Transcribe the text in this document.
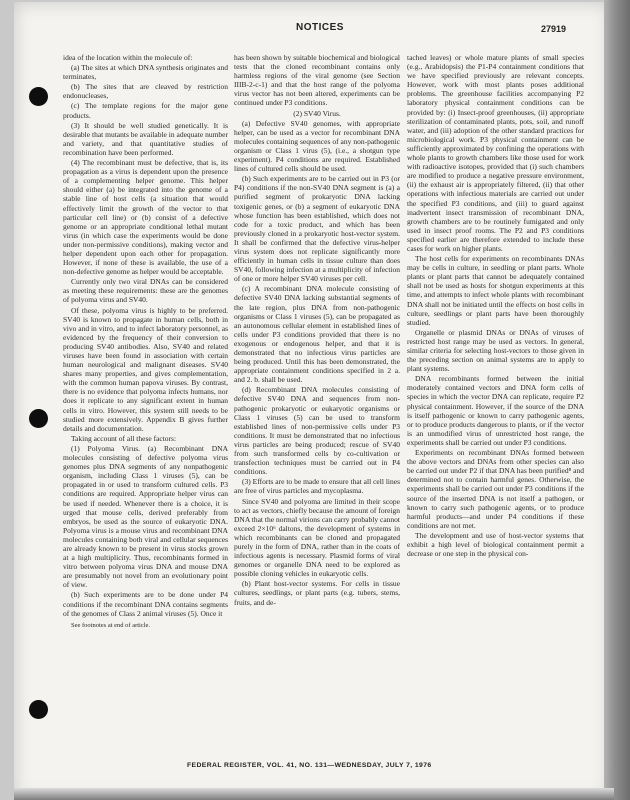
NOTICES	27919

idea of the location within the molecule of:

(a) The sites at which DNA synthesis originates and terminates,

(b) The sites that are cleaved by restriction endonucleases,

(c) The template regions for the major gene products.

(3) It should be well studied genetically. It is desirable that mutants be available in adequate number and variety, and that quantitative studies of recombination have been performed.

(4) The recombinant must be defective, that is, its propagation as a virus is dependent upon the presence of a complementing helper genome. This helper should either (a) be integrated into the genome of a stable line of host cells (a situation that would effectively limit the growth of the vector to that particular cell line) or (b) consist of a defective genome or an appropriate conditional lethal mutant virus (in which case the experiments would be done under non-permissive conditions), making vector and helper dependent upon each other for propagation. However, if none of these is available, the use of a non-defective genome as helper would be acceptable.

Currently only two viral DNAs can be considered as meeting these requirements: these are the genomes of polyoma virus and SV40.

Of these, polyoma virus is highly to be preferred. SV40 is known to propagate in human cells, both in vivo and in vitro, and to infect laboratory personnel, as evidenced by the frequency of their conversion to producing SV40 antibodies. Also, SV40 and related viruses have been found in association with certain human neurological and malignant diseases. SV40 shares many properties, and gives complementation, with the common human papova viruses. By contrast, there is no evidence that polyoma infects humans, nor does it replicate to any significant extent in human cells in vitro. However, this system still needs to be studied more extensively. Appendix B gives further details and documentation.

Taking account of all these factors:

(1) Polyoma Virus. (a) Recombinant DNA molecules consisting of defective polyoma virus genomes plus DNA segments of any nonpathogenic organism, including Class 1 viruses (5), can be propagated in or used to transform cultured cells. P3 conditions are required. Appropriate helper virus can be used if needed. Whenever there is a choice, it is urged that mouse cells, derived preferably from embryos, be used as the source of eukaryotic DNA. Polyoma virus is a mouse virus and recombinant DNA molecules containing both viral and cellular sequences are already known to be present in virus stocks grown at a high multiplicity. Thus, recombinants formed in vitro between polyoma virus DNA and mouse DNA are presumably not novel from an evolutionary point of view.

(b) Such experiments are to be done under P4 conditions if the recombinant DNA contains segments of the genomes of Class 2 animal viruses (5). Once it

See footnotes at end of article.

has been shown by suitable biochemical and biological tests that the cloned recombinant contains only harmless regions of the viral genome (see Section IIIB-2-c-1) and that the host range of the polyoma virus vector has not been altered, experiments can be continued under P3 conditions.

(2) SV40 Virus.

(a) Defective SV40 genomes, with appropriate helper, can be used as a vector for recombinant DNA molecules containing sequences of any non-pathogenic organism or Class 1 virus (5), (i.e., a shotgun type experiment). P4 conditions are required. Established lines of cultured cells should be used.

(b) Such experiments are to be carried out in P3 (or P4) conditions if the non-SV40 DNA segment is (a) a purified segment of prokaryotic DNA lacking toxigenic genes, or (b) a segment of eukaryotic DNA whose function has been established, which does not code for a toxic product, and which has been previously cloned in a prokaryotic host-vector system. It shall be confirmed that the defective virus-helper virus system does not replicate significantly more efficiently in human cells in tissue culture than does SV40, following infection at a multiplicity of infection of one or more helper SV40 viruses per cell.

(c) A recombinant DNA molecule consisting of defective SV40 DNA lacking substantial segments of the late region, plus DNA from non-pathogenic organisms or Class 1 viruses (5), can be propagated as an autonomous cellular element in established lines of cells under P3 conditions provided that there is no exogenous or endogenous helper, and that it is demonstrated that no infectious virus particles are being produced. Until this has been demonstrated, the appropriate containment conditions specified in 2 a. and 2. b. shall be used.

(d) Recombinant DNA molecules consisting of defective SV40 DNA and sequences from non-pathogenic prokaryotic or eukaryotic organisms or Class 1 viruses (5) can be used to transform established lines of non-permissive cells under P3 conditions. It must be demonstrated that no infectious virus particles are being produced; rescue of SV40 from such transformed cells by co-cultivation or transfection techniques must be carried out in P4 conditions.

(3) Efforts are to be made to ensure that all cell lines are free of virus particles and mycoplasma.

Since SV40 and polyoma are limited in their scope to act as vectors, chiefly because the amount of foreign DNA that the normal virions can carry probably cannot exceed 2×10⁶ daltons, the development of systems in which recombinants can be cloned and propagated purely in the form of DNA, rather than in the coats of infectious agents is necessary. Plasmid forms of viral genomes or organelle DNA need to be explored as possible cloning vehicles in eukaryotic cells.

(b) Plant host-vector systems. For cells in tissue cultures, seedlings, or plant parts (e.g. tubers, stems, fruits, and de-

tached leaves) or whole mature plants of small species (e.g., Arabidopsis) the P1-P4 containment conditions that we have specified previously are relevant concepts. However, work with most plants poses additional problems. The greenhouse facilities accompanying P2 laboratory physical containment conditions can be provided by: (i) Insect-proof greenhouses, (ii) appropriate sterilization of contaminated plants, pots, soil, and runoff water, and (iii) adoption of the other standard practices for microbiological work. P3 physical containment can be sufficiently approximated by confining the operations with whole plants to growth chambers like those used for work with radioactive isotopes, provided that (i) such chambers are modified to produce a negative pressure environment, (ii) the exhaust air is appropriately filtered, (ii) that other operations with infectious materials are carried out under the specified P3 conditions, and (iii) to guard against inadvertent insect transmission of recombinant DNA, growth chambers are to be routinely fumigated and only used in insect proof rooms. The P2 and P3 conditions specified earlier are therefore extended to include these cases for work on higher plants.

The host cells for experiments on recombinants DNAs may be cells in culture, in seedling or plant parts. Whole plants or plant parts that cannot be adequately contained shall not be used as hosts for shotgun experiments at this time, and attempts to infect whole plants with recombinant DNA shall not be initiated until the effects on host cells in culture, seedlings or plant parts have been thoroughly studied.

Organelle or plasmid DNAs or DNAs of viruses of restricted host range may be used as vectors. In general, similar criteria for selecting host-vectors to those given in the preceding section on animal systems are to apply to plant systems.

DNA recombinants formed between the initial moderately contained vectors and DNA form cells of species in which the vector DNA can replicate, require P2 physical containment. However, if the source of the DNA is itself pathogenic or known to carry pathogenic agents, or to produce products dangerous to plants, or if the vector is an unmodified virus of unrestricted host range, the experiments shall be carried out under P3 conditions.

Experiments on recombinant DNAs formed between the above vectors and DNAs from other species can also be carried out under P2 if that DNA has been purified⁸ and determined not to contain harmful genes. Otherwise, the experiments shall be carried out under P3 conditions if the source of the inserted DNA is not itself a pathogen, or known to carry such pathogenic agents, or to produce harmful products—and under P4 conditions if these conditions are not met.

The development and use of host-vector systems that exhibit a high level of biological containment permit a decrease or one step in the physical con-

FEDERAL REGISTER, VOL. 41, NO. 131—WEDNESDAY, JULY 7, 1976
